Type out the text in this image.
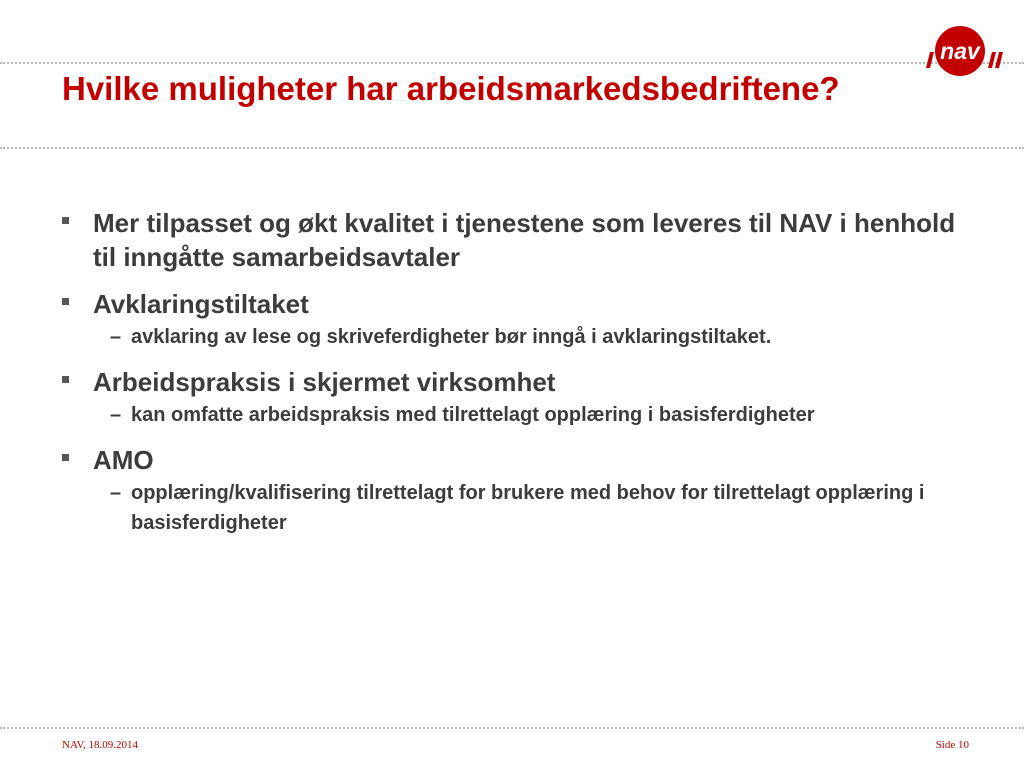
nav
Hvilke muligheter har arbeidsmarkedsbedriftene?
Mer tilpasset og økt kvalitet i tjenestene som leveres til NAV i henhold til inngåtte samarbeidsavtaler
Avklaringstiltaket
– avklaring av lese og skriveferdigheter bør inngå i avklaringstiltaket.
Arbeidspraksis i skjermet virksomhet
– kan omfatte arbeidspraksis med tilrettelagt opplæring i basisferdigheter
AMO
– opplæring/kvalifisering tilrettelagt for brukere med behov for tilrettelagt opplæring i basisferdigheter
NAV, 18.09.2014	Side 10
